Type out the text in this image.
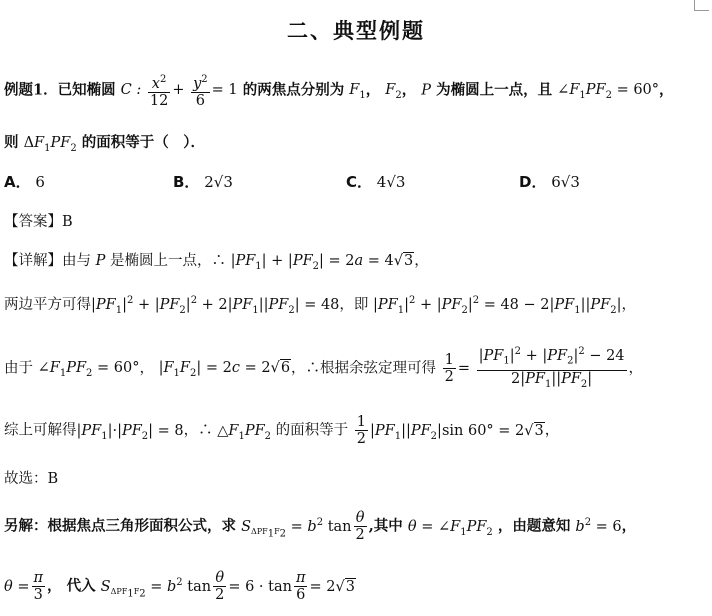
二、典型例题
例题1．已知椭圆 C : $\frac{x^2}{12} + \frac{y^2}{6} = 1$ 的两焦点分别为 $F_1$， $F_2$， P 为椭圆上一点，且 $\angle F_1PF_2 = 60^\circ$，
则 $\Delta F_1PF_2$ 的面积等于（　）．
A． 6	B． 2√3	C． 4√3	D． 6√3
【答案】B
【详解】由与 P 是椭圆上一点，∴ $|PF_1| + |PF_2| = 2a = 4√3$，
两边平方可得$|PF_1|^2 + |PF_2|^2 + 2|PF_1||PF_2| = 48$，即 $|PF_1|^2 + |PF_2|^2 = 48 - 2|PF_1||PF_2|$，
由于 $\angle F_1PF_2 = 60^\circ$， $|F_1F_2| = 2c = 2√6$，∴根据余弦定理可得 $\frac{1}{2} = \frac{|PF_1|^2 + |PF_2|^2 - 24}{2|PF_1||PF_2|}$ ，
综上可解得$|PF_1|\cdot|PF_2| = 8$，∴ $\triangle F_1PF_2$ 的面积等于 $\frac{1}{2} |PF_1||PF_2|\sin$ 60° = 2√3，
故选：B
另解：根据焦点三角形面积公式，求 $S_{\Delta PF_1F_2} = b^2$ $\tan \frac{\theta}{2}$ ,其中 $\theta = \angle F_1PF_2$ ，由题意知 $b^2 = 6$，
$\theta = \frac{\pi}{3}$ ， 代入 $S_{\Delta PF_1F_2} = b^2$ $\tan \frac{\theta}{2} = 6 \cdot \tan \frac{\pi}{6} = 2√3$
